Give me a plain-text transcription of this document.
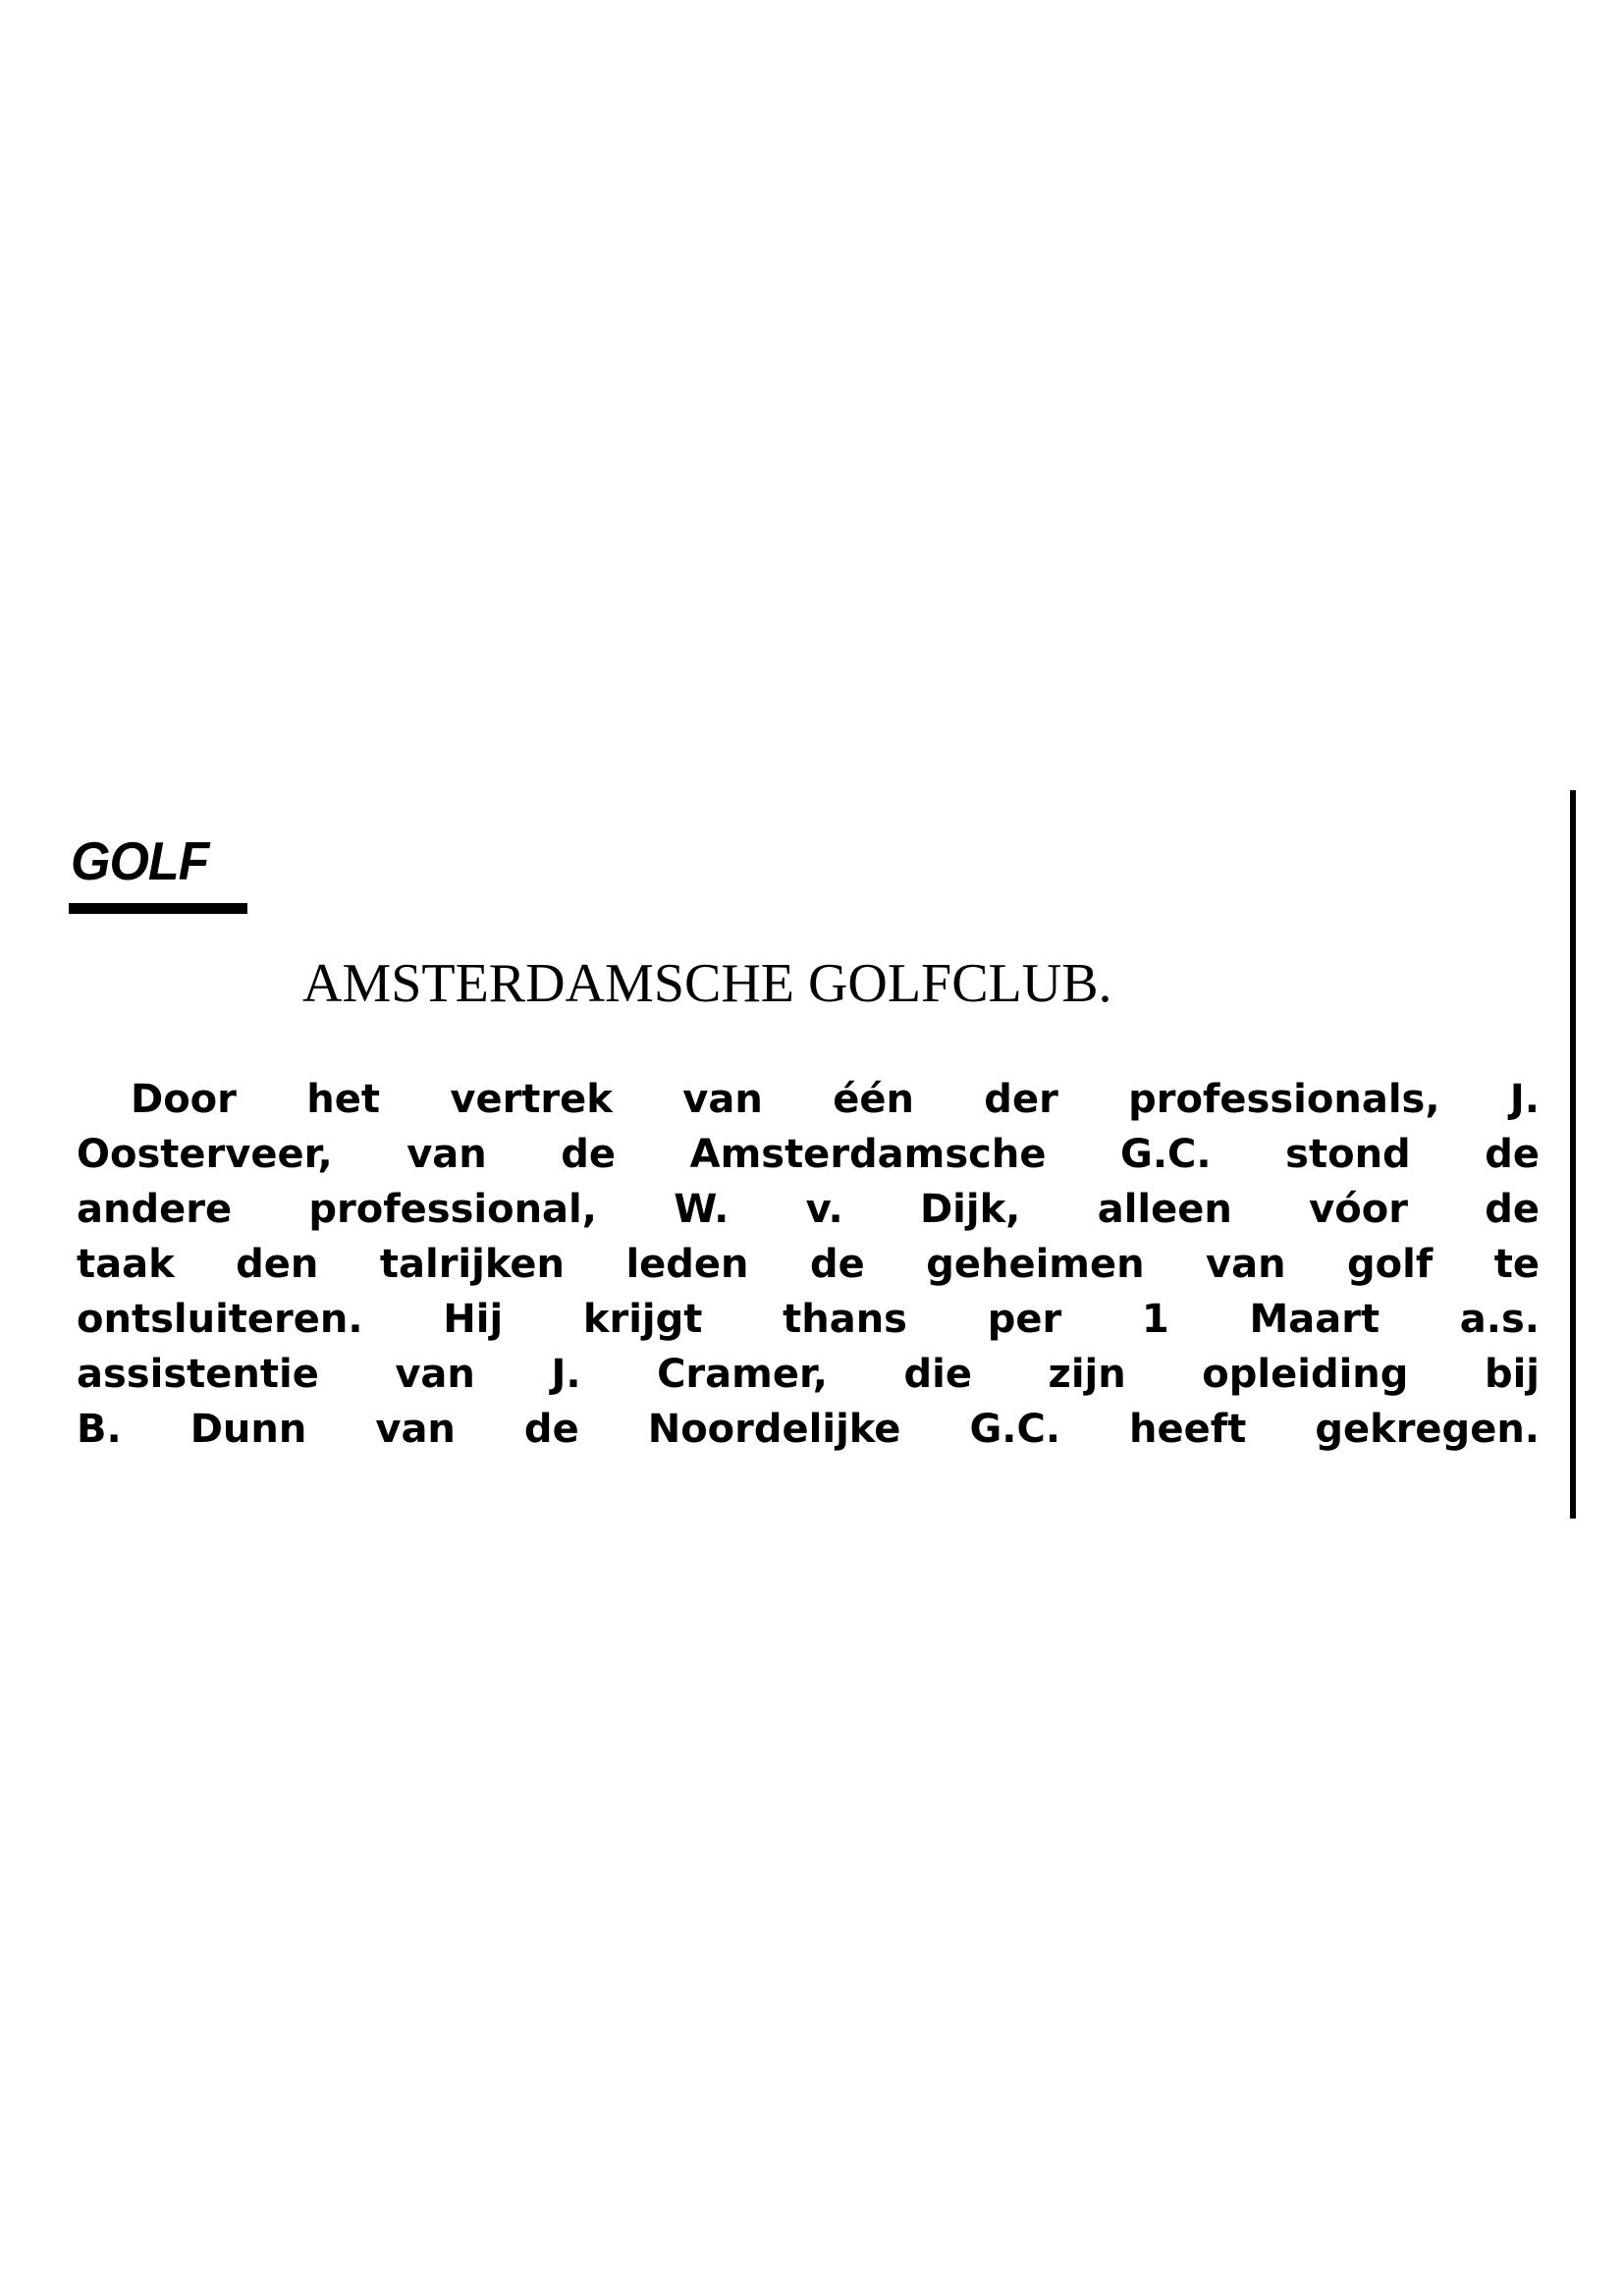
GOLF
AMSTERDAMSCHE GOLFCLUB.
Door het vertrek van één der professionals, J.
Oosterveer, van de Amsterdamsche G.C. stond de
andere professional, W. v. Dijk, alleen vóor de
taak den talrijken leden de geheimen van golf te
ontsluiteren. Hij krijgt thans per 1 Maart a.s.
assistentie van J. Cramer, die zijn opleiding bij
B. Dunn van de Noordelijke G.C. heeft gekregen.
